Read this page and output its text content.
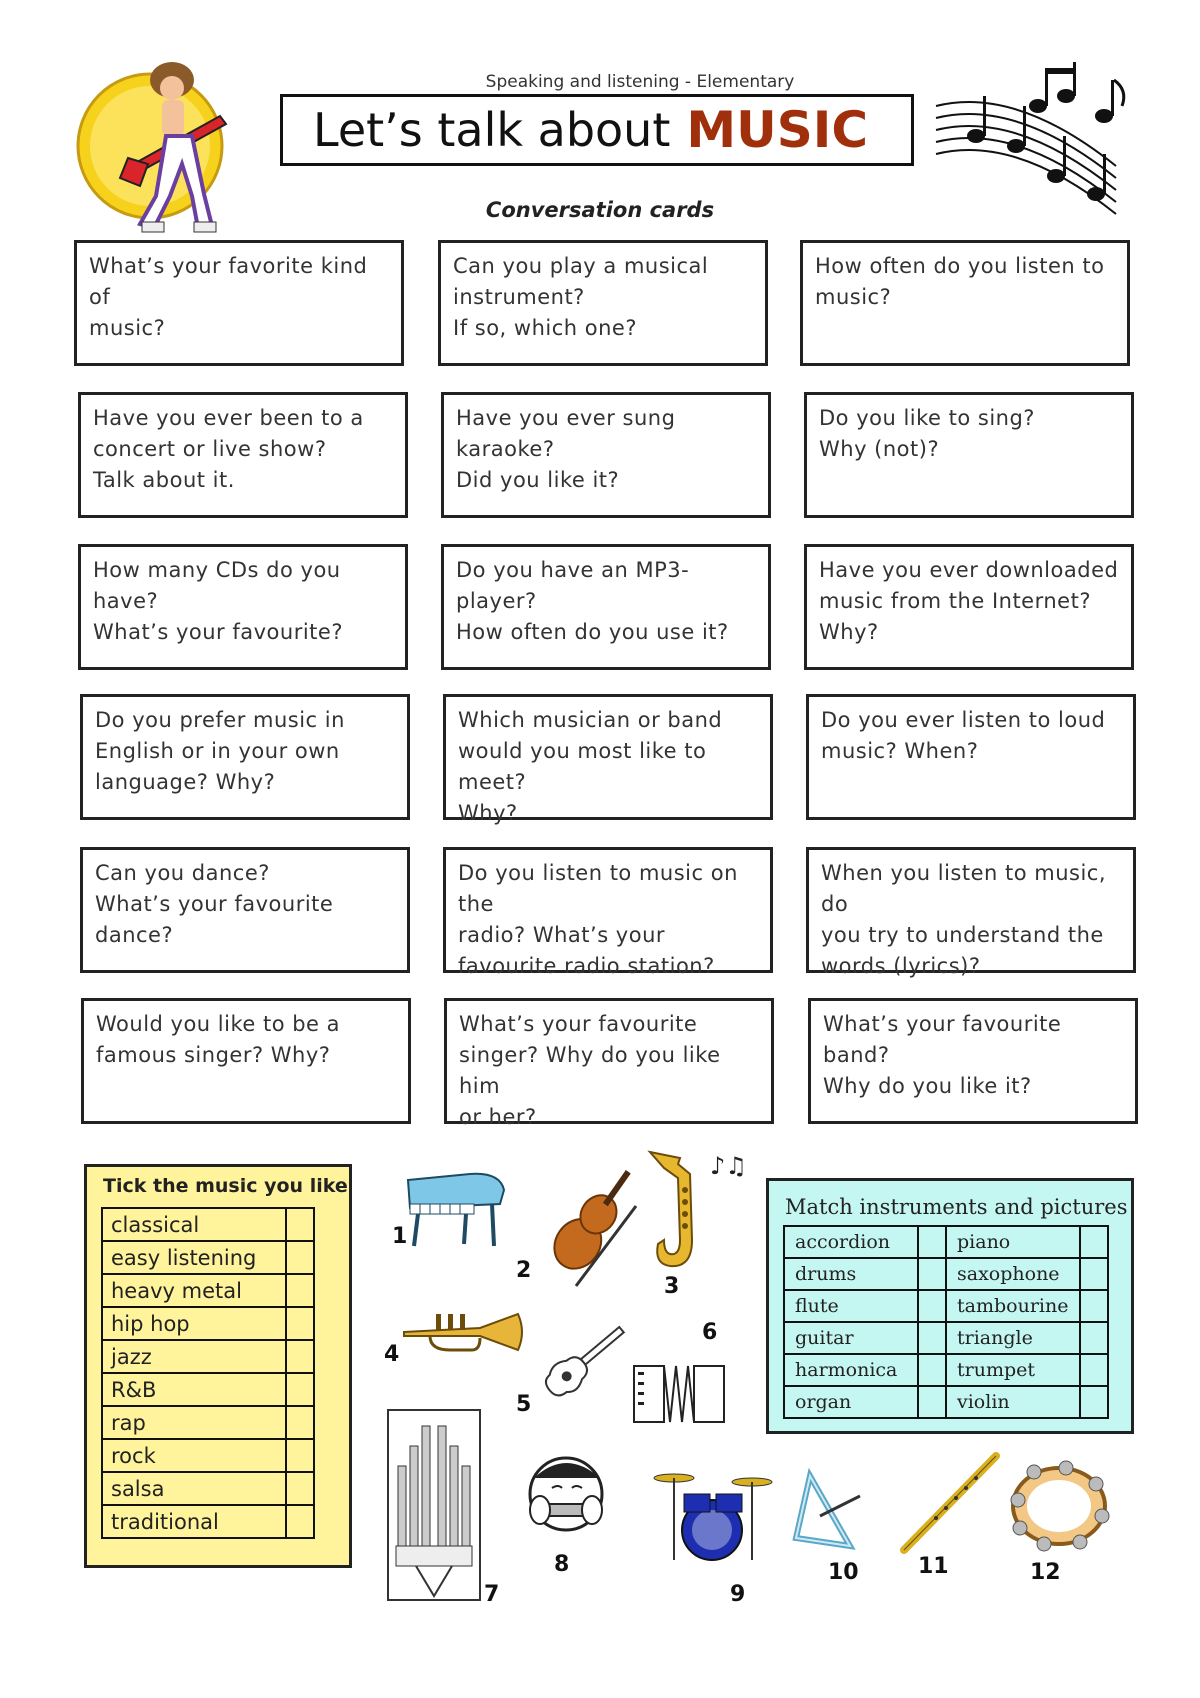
Speaking and listening - Elementary
Let’s talk about MUSIC
Conversation cards
What’s your favorite kind of
music?
Can you play a musical
instrument?
If so, which one?
How often do you listen to
music?
Have you ever been to a
concert or live show?
Talk about it.
Have you ever sung karaoke?
Did you like it?
Do you like to sing?
Why (not)?
How many CDs do you have?
What’s your favourite?
Do you have an MP3-player?
How often do you use it?
Have you ever downloaded
music from the Internet?
Why?
Do you prefer music in
English or in your own
language? Why?
Which musician or band
would you most like to meet?
Why?
Do you ever listen to loud
music? When?
Can you dance?
What’s your favourite
dance?
Do you listen to music on the
radio? What’s your
favourite radio station?
When you listen to music, do
you try to understand the
words (lyrics)?
Would you like to be a
famous singer? Why?
What’s your favourite
singer? Why do you like him
or her?
What’s your favourite band?
Why do you like it?
Tick the music you like
classical	
easy listening	
heavy metal	
hip hop	
jazz	
R&B	
rap	
rock	
salsa	
traditional	
Match instruments and pictures
accordion		piano	
drums		saxophone	
flute		tambourine	
guitar		triangle	
harmonica		trumpet	
organ		violin	
1
2
♪♫
3
4
5
6
7
8
9
10	11	12
